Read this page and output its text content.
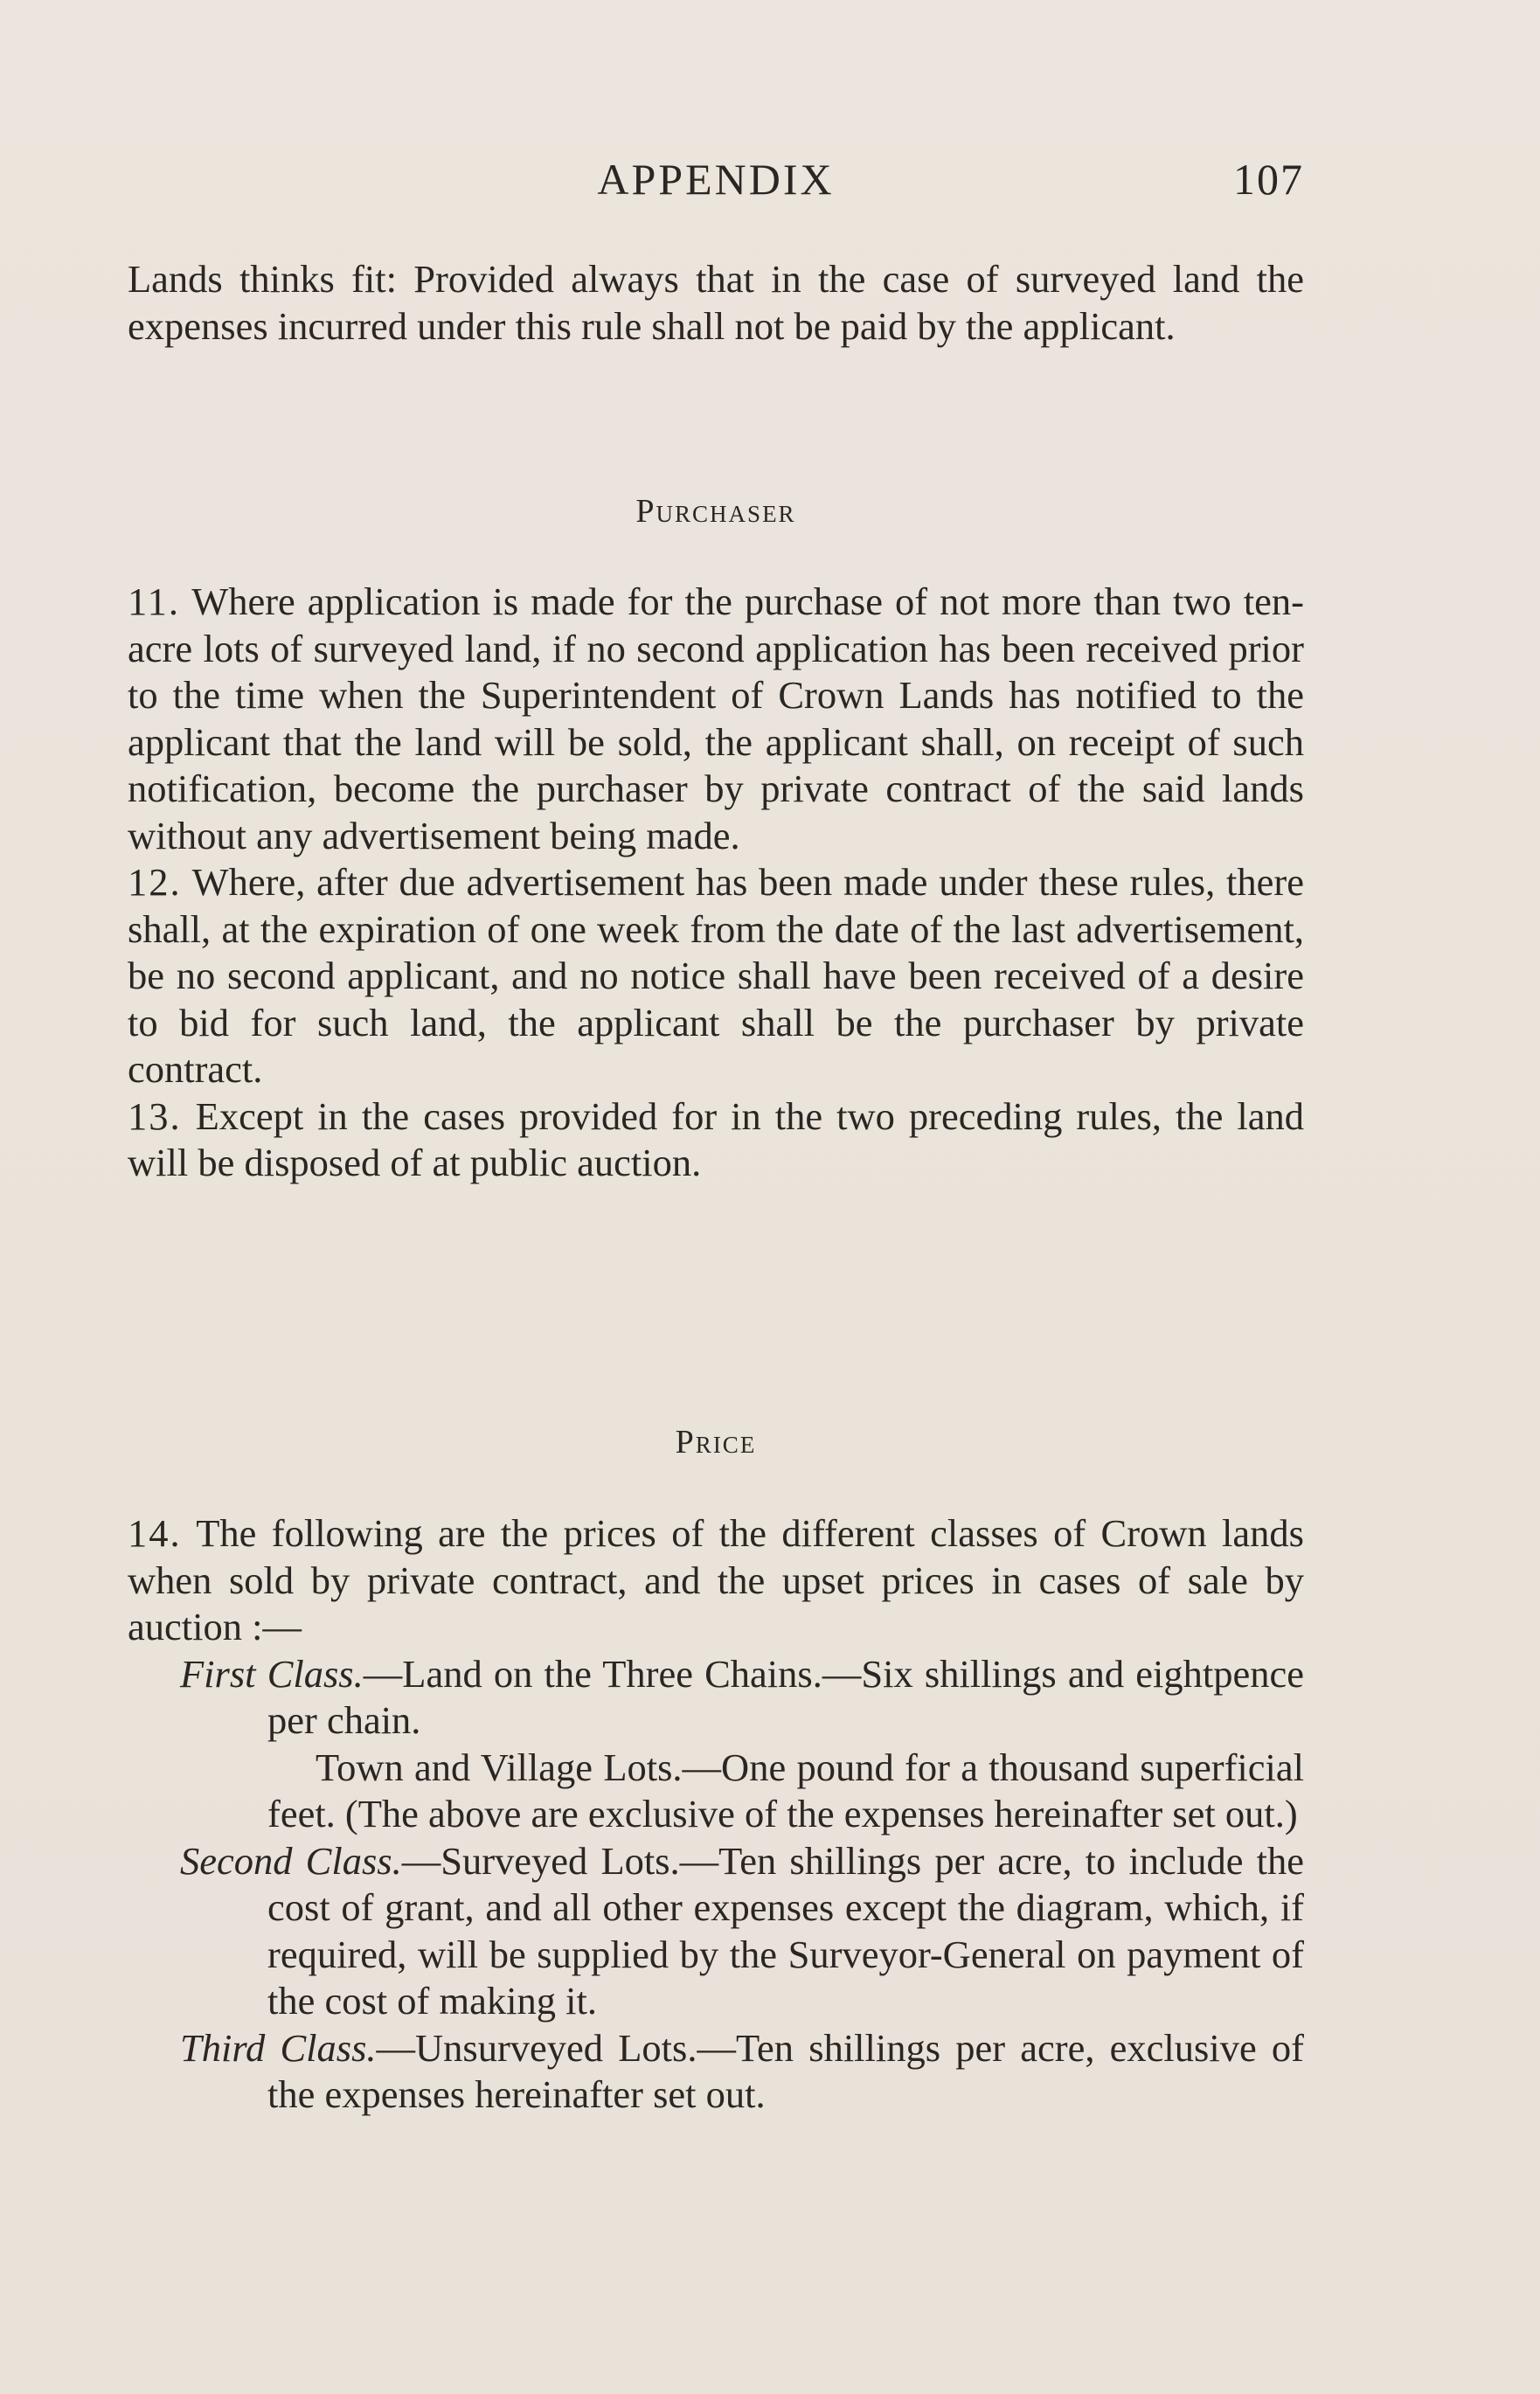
APPENDIX	107

Lands thinks fit: Provided always that in the case of surveyed land the expenses incurred under this rule shall not be paid by the applicant.

Purchaser

11. Where application is made for the purchase of not more than two ten-acre lots of surveyed land, if no second application has been received prior to the time when the Superintendent of Crown Lands has notified to the applicant that the land will be sold, the applicant shall, on receipt of such notification, become the purchaser by private contract of the said lands without any advertisement being made.

12. Where, after due advertisement has been made under these rules, there shall, at the expiration of one week from the date of the last advertisement, be no second applicant, and no notice shall have been received of a desire to bid for such land, the applicant shall be the purchaser by private contract.

13. Except in the cases provided for in the two preceding rules, the land will be disposed of at public auction.

Price

14. The following are the prices of the different classes of Crown lands when sold by private contract, and the upset prices in cases of sale by auction :—

First Class.—Land on the Three Chains.—Six shillings and eightpence per chain.

Town and Village Lots.—One pound for a thousand superficial feet. (The above are exclusive of the expenses hereinafter set out.)

Second Class.—Surveyed Lots.—Ten shillings per acre, to include the cost of grant, and all other expenses except the diagram, which, if required, will be supplied by the Surveyor-General on payment of the cost of making it.

Third Class.—Unsurveyed Lots.—Ten shillings per acre, exclusive of the expenses hereinafter set out.
